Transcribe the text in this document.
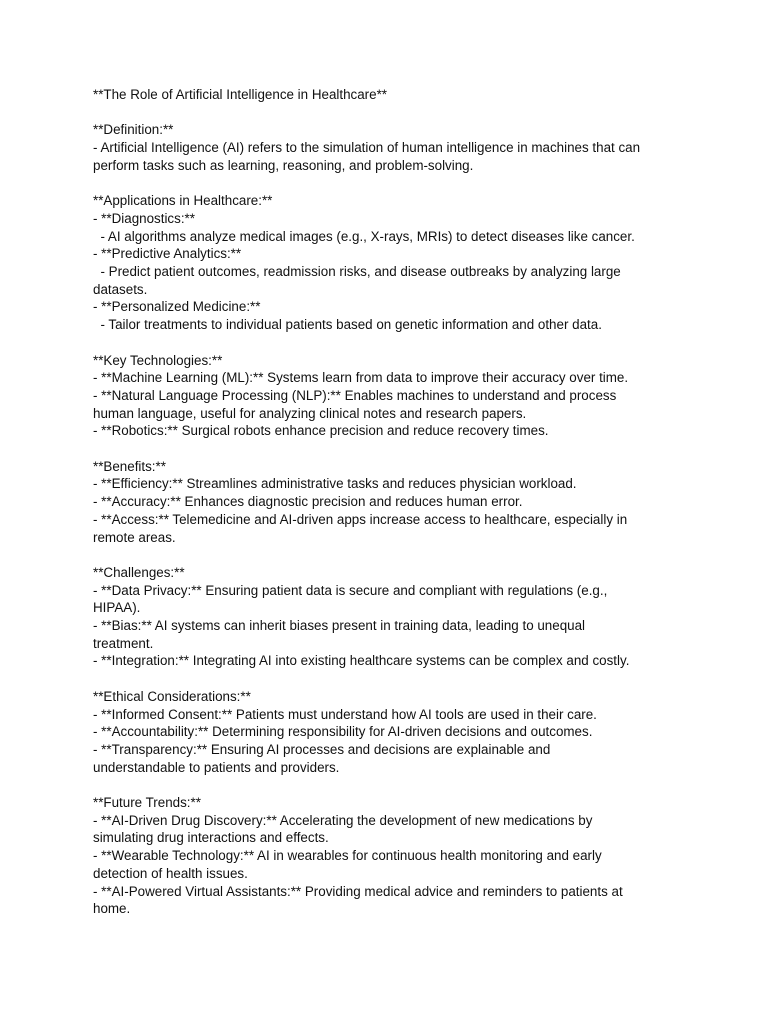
**The Role of Artificial Intelligence in Healthcare**
**Definition:**
- Artificial Intelligence (AI) refers to the simulation of human intelligence in machines that can
perform tasks such as learning, reasoning, and problem-solving.
**Applications in Healthcare:**
- **Diagnostics:**
- AI algorithms analyze medical images (e.g., X-rays, MRIs) to detect diseases like cancer.
- **Predictive Analytics:**
- Predict patient outcomes, readmission risks, and disease outbreaks by analyzing large
datasets.
- **Personalized Medicine:**
- Tailor treatments to individual patients based on genetic information and other data.
**Key Technologies:**
- **Machine Learning (ML):** Systems learn from data to improve their accuracy over time.
- **Natural Language Processing (NLP):** Enables machines to understand and process
human language, useful for analyzing clinical notes and research papers.
- **Robotics:** Surgical robots enhance precision and reduce recovery times.
**Benefits:**
- **Efficiency:** Streamlines administrative tasks and reduces physician workload.
- **Accuracy:** Enhances diagnostic precision and reduces human error.
- **Access:** Telemedicine and AI-driven apps increase access to healthcare, especially in
remote areas.
**Challenges:**
- **Data Privacy:** Ensuring patient data is secure and compliant with regulations (e.g.,
HIPAA).
- **Bias:** AI systems can inherit biases present in training data, leading to unequal
treatment.
- **Integration:** Integrating AI into existing healthcare systems can be complex and costly.
**Ethical Considerations:**
- **Informed Consent:** Patients must understand how AI tools are used in their care.
- **Accountability:** Determining responsibility for AI-driven decisions and outcomes.
- **Transparency:** Ensuring AI processes and decisions are explainable and
understandable to patients and providers.
**Future Trends:**
- **AI-Driven Drug Discovery:** Accelerating the development of new medications by
simulating drug interactions and effects.
- **Wearable Technology:** AI in wearables for continuous health monitoring and early
detection of health issues.
- **AI-Powered Virtual Assistants:** Providing medical advice and reminders to patients at
home.
